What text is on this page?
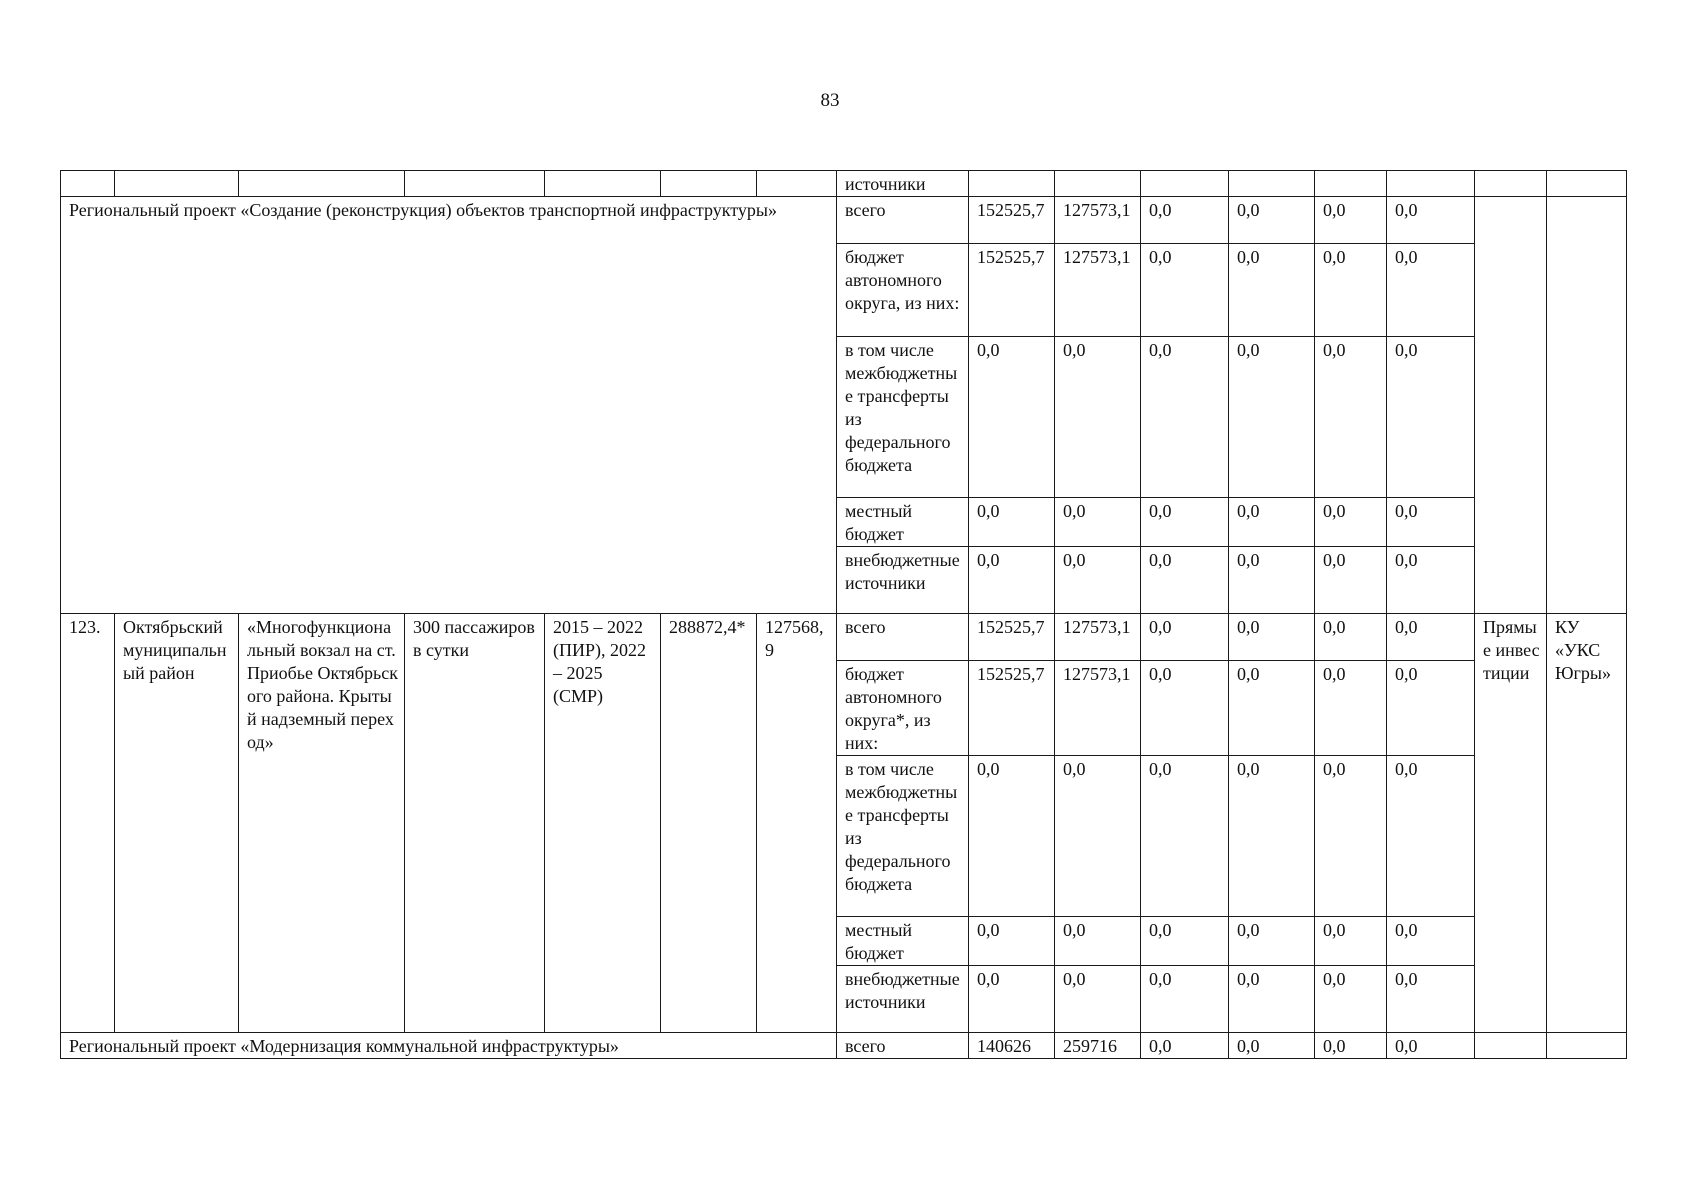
83
							источники								
Региональный проект «Создание (реконструкция) объектов транспортной инфраструктуры»							всего	152525,7	127573,1	0,0	0,0	0,0	0,0		
							бюджет автономного округа, из них:	152525,7	127573,1	0,0	0,0	0,0	0,0		
							в том числе межбюджетные трансферты из федерального бюджета	0,0	0,0	0,0	0,0	0,0	0,0		
							местный бюджет	0,0	0,0	0,0	0,0	0,0	0,0		
							внебюджетные источники	0,0	0,0	0,0	0,0	0,0	0,0		
123.	Октябрьский муниципальный район	«Многофункциональный вокзал на ст. Приобье Октябрьского района. Крытый надземный переход»	300 пассажиров в сутки	2015 – 2022 (ПИР), 2022 – 2025 (СМР)	288872,4*	127568,9	всего	152525,7	127573,1	0,0	0,0	0,0	0,0	Прямые инвестиции	КУ «УКС Югры»
							бюджет автономного округа*, из них:	152525,7	127573,1	0,0	0,0	0,0	0,0		
							в том числе межбюджетные трансферты из федерального бюджета	0,0	0,0	0,0	0,0	0,0	0,0		
							местный бюджет	0,0	0,0	0,0	0,0	0,0	0,0		
							внебюджетные источники	0,0	0,0	0,0	0,0	0,0	0,0		
Региональный проект «Модернизация коммунальной инфраструктуры»							всего	140626	259716	0,0	0,0	0,0	0,0		
